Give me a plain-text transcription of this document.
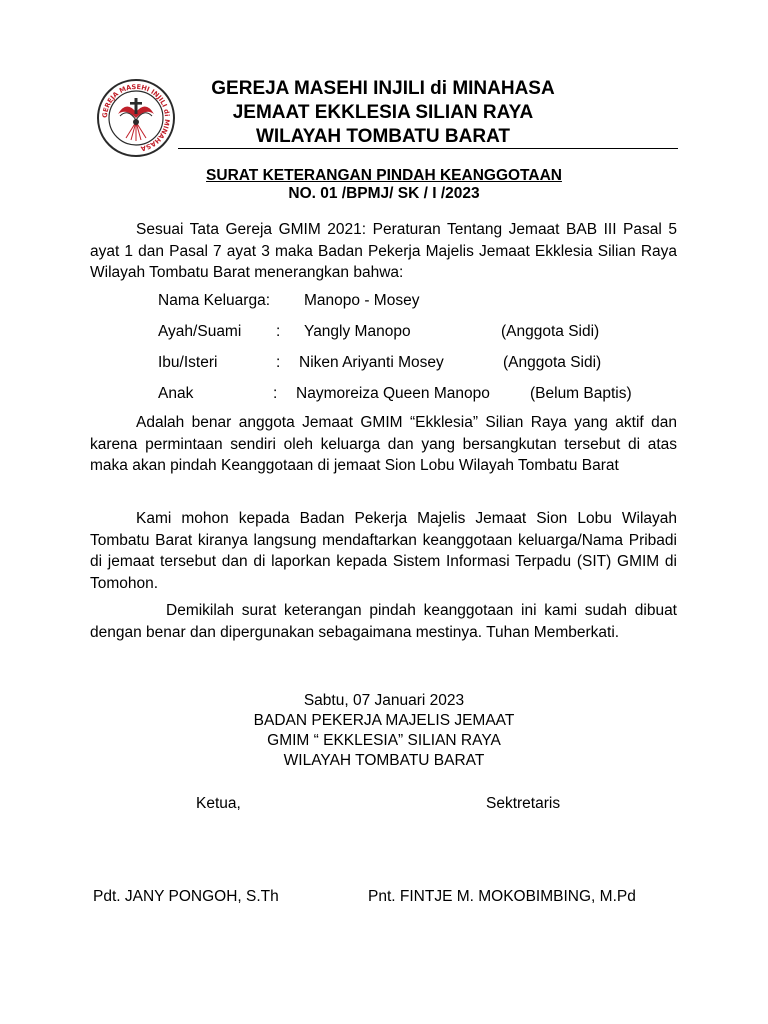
GEREJA MASEHI INJILI di MINAHASA
GEREJA MASEHI INJILI di MINAHASA
JEMAAT EKKLESIA SILIAN RAYA
WILAYAH TOMBATU BARAT
SURAT KETERANGAN PINDAH KEANGGOTAAN
NO. 01 /BPMJ/ SK / I /2023
Sesuai Tata Gereja GMIM 2021: Peraturan Tentang Jemaat BAB III Pasal 5 ayat 1 dan Pasal 7 ayat 3 maka Badan Pekerja Majelis Jemaat Ekklesia Silian Raya Wilayah Tombatu Barat menerangkan bahwa:
Nama Keluarga: Manopo - Mosey
Ayah/Suami : Yangly Manopo	(Anggota Sidi)
Ibu/Isteri	: Niken Ariyanti Mosey	(Anggota Sidi)
Anak	: Naymoreiza Queen Manopo	(Belum Baptis)
Adalah benar anggota Jemaat GMIM “Ekklesia” Silian Raya yang aktif dan karena permintaan sendiri oleh keluarga dan yang bersangkutan tersebut di atas maka akan pindah Keanggotaan di jemaat Sion Lobu Wilayah Tombatu Barat
Kami mohon kepada Badan Pekerja Majelis Jemaat Sion Lobu Wilayah Tombatu Barat kiranya langsung mendaftarkan keanggotaan keluarga/Nama Pribadi di jemaat tersebut dan di laporkan kepada Sistem Informasi Terpadu (SIT) GMIM di Tomohon.
Demikilah surat keterangan pindah keanggotaan ini kami sudah dibuat dengan benar dan dipergunakan sebagaimana mestinya. Tuhan Memberkati.
Sabtu, 07 Januari 2023
BADAN PEKERJA MAJELIS JEMAAT
GMIM “ EKKLESIA” SILIAN RAYA
WILAYAH TOMBATU BARAT
Ketua,	Sektretaris
Pdt. JANY PONGOH, S.Th	Pnt. FINTJE M. MOKOBIMBING, M.Pd
